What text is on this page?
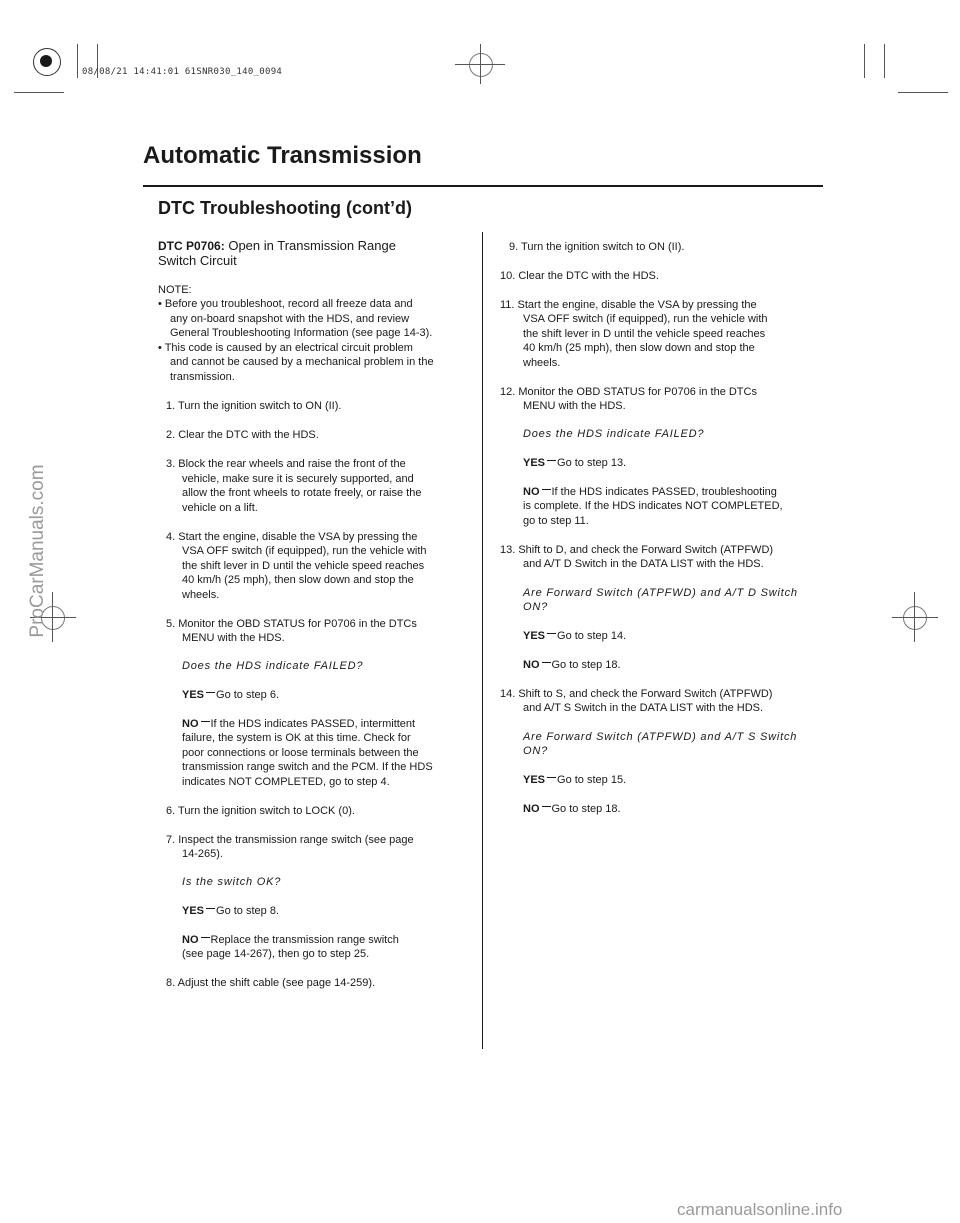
08/08/21 14:41:01 61SNR030_140_0094
Automatic Transmission
DTC Troubleshooting (cont’d)
DTC P0706: Open in Transmission Range
Switch Circuit
NOTE:
• Before you troubleshoot, record all freeze data and
any on-board snapshot with the HDS, and review
General Troubleshooting Information (see page 14-3).
• This code is caused by an electrical circuit problem
and cannot be caused by a mechanical problem in the
transmission.
1. Turn the ignition switch to ON (II).
2. Clear the DTC with the HDS.
3. Block the rear wheels and raise the front of the
vehicle, make sure it is securely supported, and
allow the front wheels to rotate freely, or raise the
vehicle on a lift.
4. Start the engine, disable the VSA by pressing the
VSA OFF switch (if equipped), run the vehicle with
the shift lever in D until the vehicle speed reaches
40 km/h (25 mph), then slow down and stop the
wheels.
5. Monitor the OBD STATUS for P0706 in the DTCs
MENU with the HDS.
Does the HDS indicate FAILED?
YES Go to step 6.
NO If the HDS indicates PASSED, intermittent
failure, the system is OK at this time. Check for
poor connections or loose terminals between the
transmission range switch and the PCM. If the HDS
indicates NOT COMPLETED, go to step 4.
6. Turn the ignition switch to LOCK (0).
7. Inspect the transmission range switch (see page
14-265).
Is the switch OK?
YES Go to step 8.
NO Replace the transmission range switch
(see page 14-267), then go to step 25.
8. Adjust the shift cable (see page 14-259).
9. Turn the ignition switch to ON (II).
10. Clear the DTC with the HDS.
11. Start the engine, disable the VSA by pressing the
VSA OFF switch (if equipped), run the vehicle with
the shift lever in D until the vehicle speed reaches
40 km/h (25 mph), then slow down and stop the
wheels.
12. Monitor the OBD STATUS for P0706 in the DTCs
MENU with the HDS.
Does the HDS indicate FAILED?
YES Go to step 13.
NO If the HDS indicates PASSED, troubleshooting
is complete. If the HDS indicates NOT COMPLETED,
go to step 11.
13. Shift to D, and check the Forward Switch (ATPFWD)
and A/T D Switch in the DATA LIST with the HDS.
Are Forward Switch (ATPFWD) and A/T D Switch
ON?
YES Go to step 14.
NO Go to step 18.
14. Shift to S, and check the Forward Switch (ATPFWD)
and A/T S Switch in the DATA LIST with the HDS.
Are Forward Switch (ATPFWD) and A/T S Switch
ON?
YES Go to step 15.
NO Go to step 18.
ProCarManuals.com
carmanualsonline.info
